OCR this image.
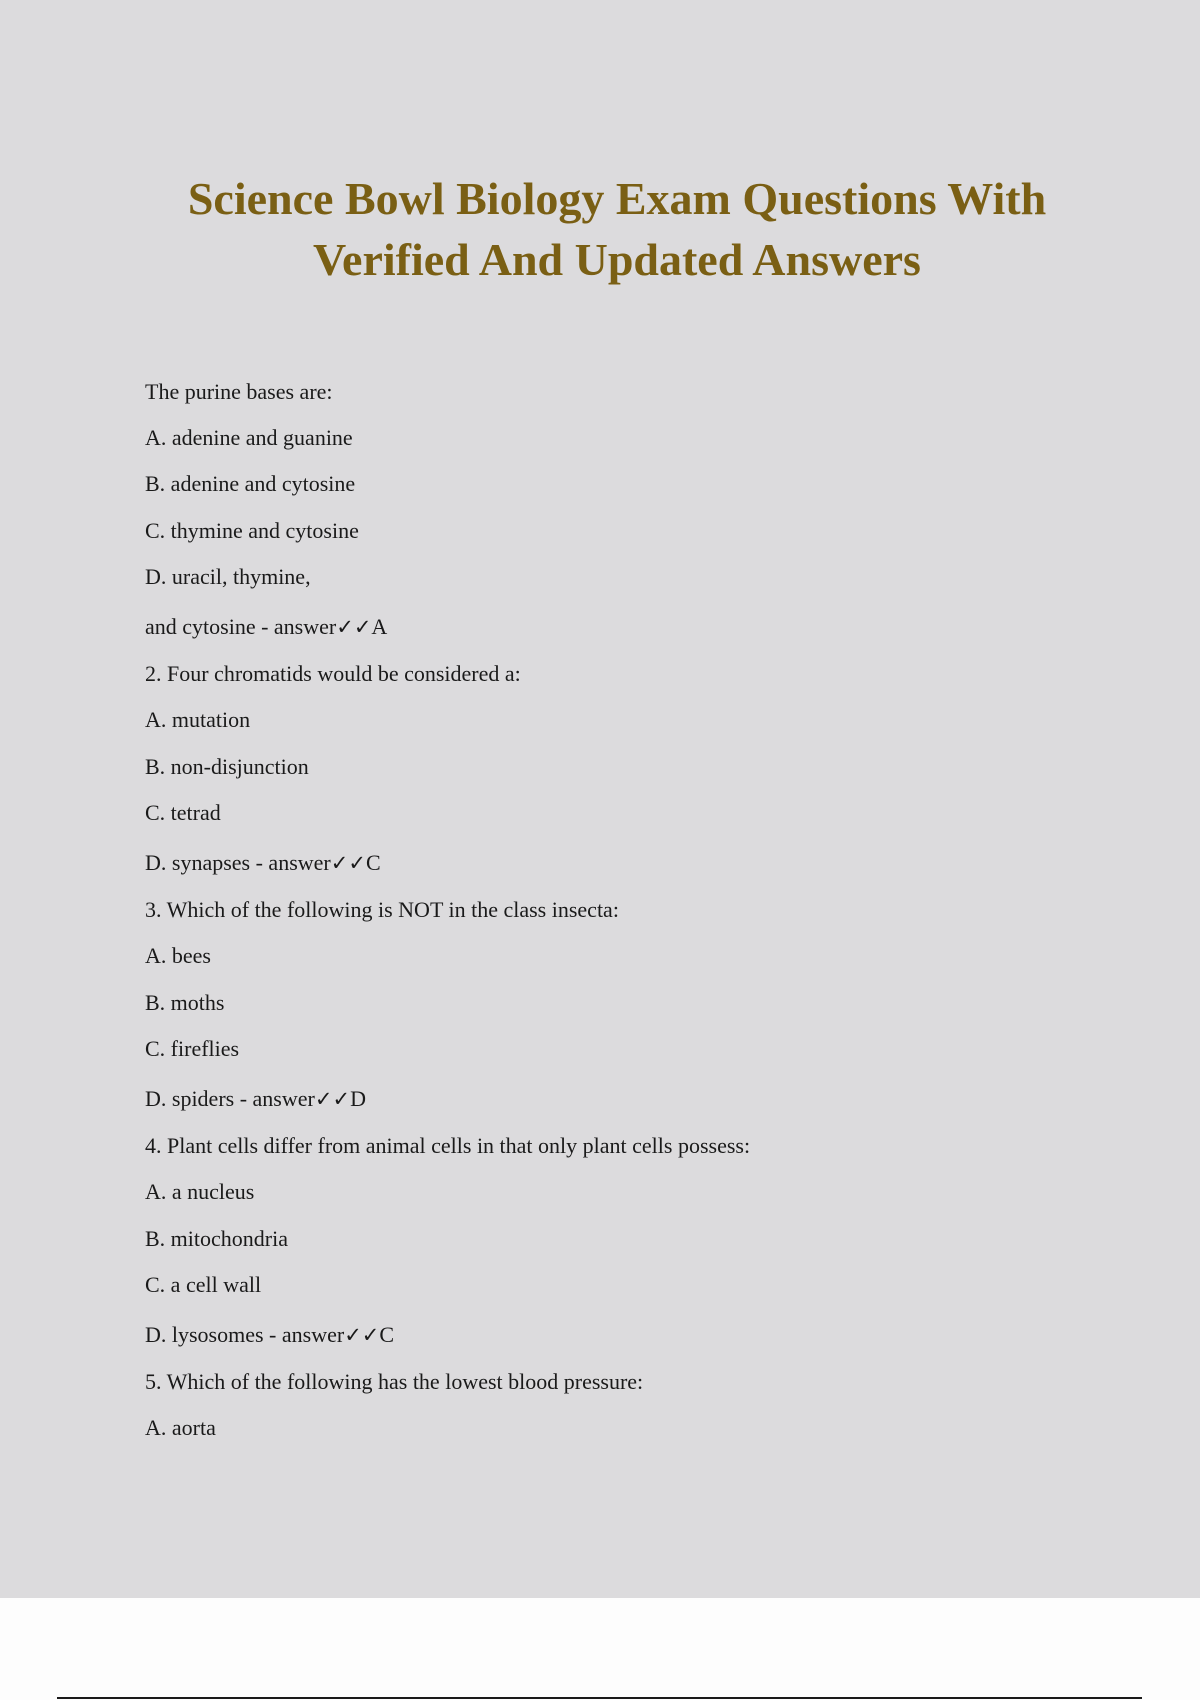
Science Bowl Biology Exam Questions With
Verified And Updated Answers
The purine bases are:
A. adenine and guanine
B. adenine and cytosine
C. thymine and cytosine
D. uracil, thymine,
and cytosine - answer✓✓A
2. Four chromatids would be considered a:
A. mutation
B. non-disjunction
C. tetrad
D. synapses - answer✓✓C
3. Which of the following is NOT in the class insecta:
A. bees
B. moths
C. fireflies
D. spiders - answer✓✓D
4. Plant cells differ from animal cells in that only plant cells possess:
A. a nucleus
B. mitochondria
C. a cell wall
D. lysosomes - answer✓✓C
5. Which of the following has the lowest blood pressure:
A. aorta
